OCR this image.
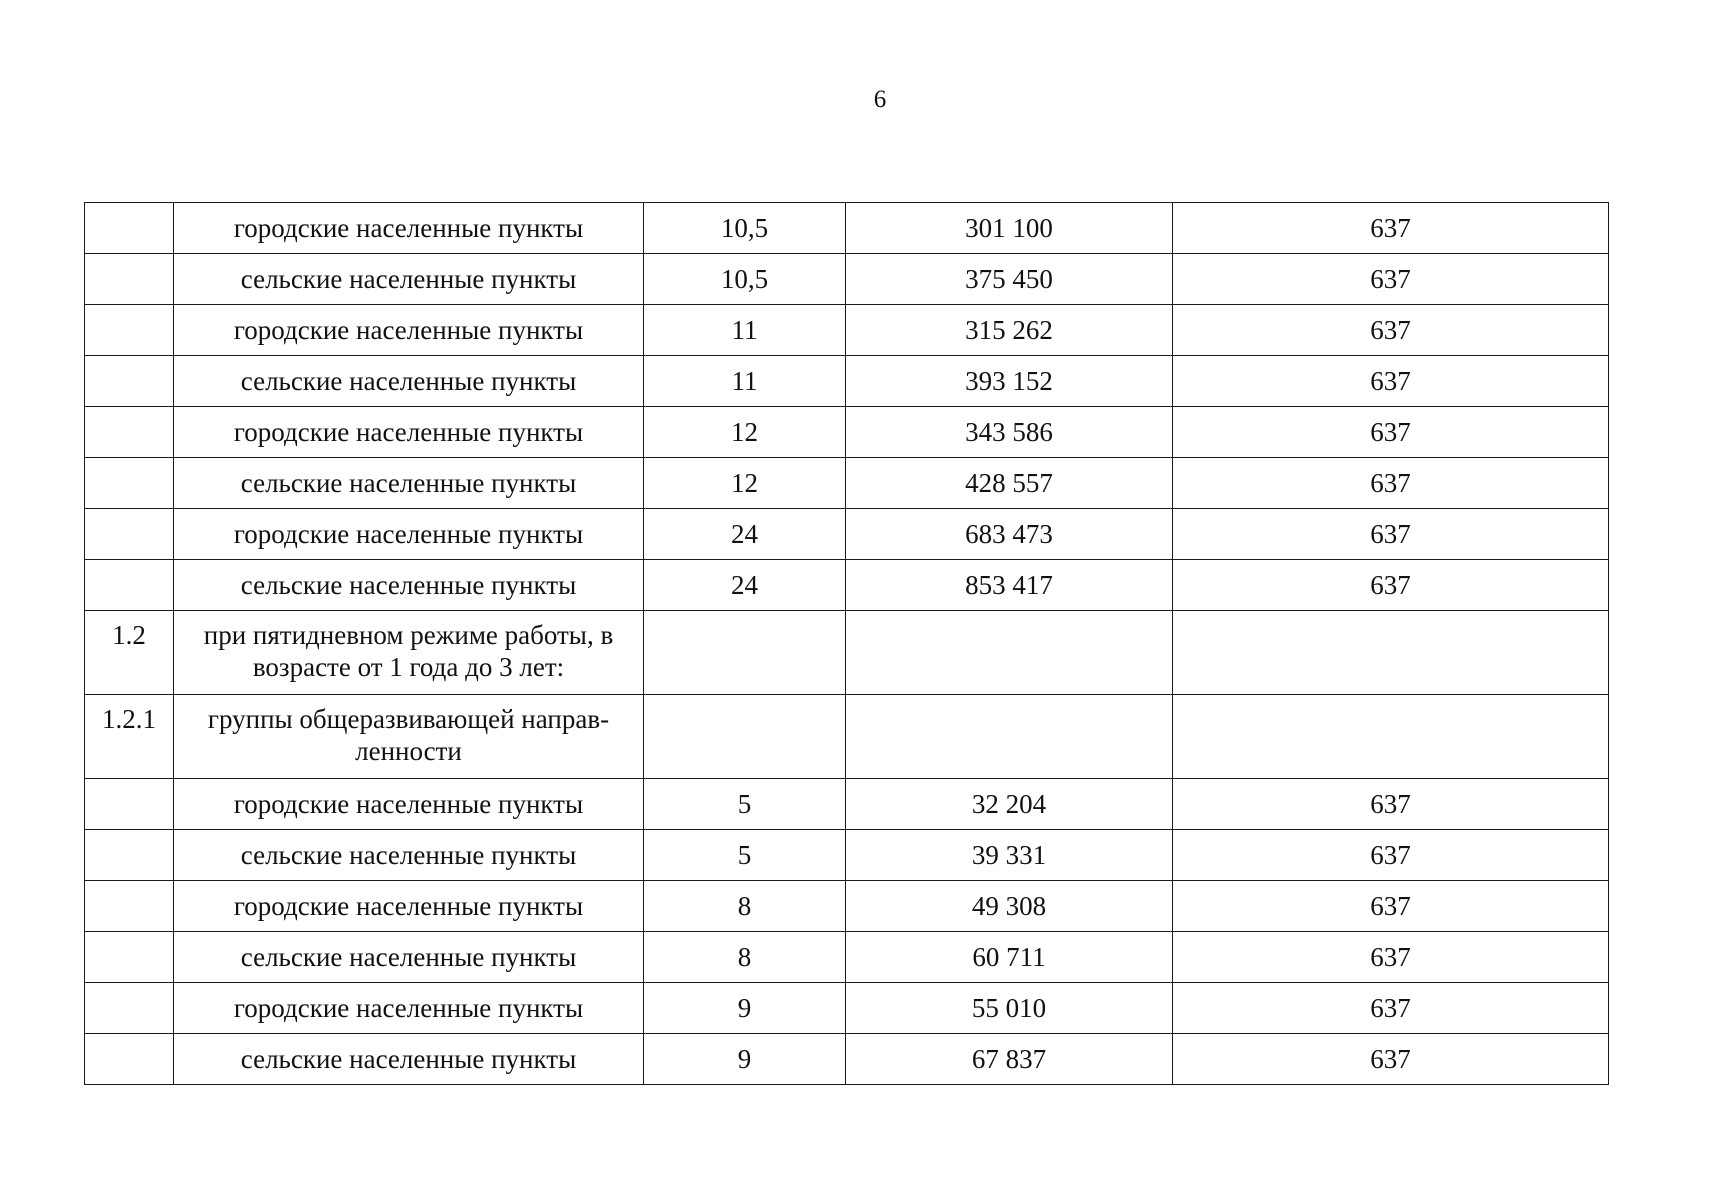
6
	городские населенные пункты	10,5	301 100	637
	сельские населенные пункты	10,5	375 450	637
	городские населенные пункты	11	315 262	637
	сельские населенные пункты	11	393 152	637
	городские населенные пункты	12	343 586	637
	сельские населенные пункты	12	428 557	637
	городские населенные пункты	24	683 473	637
	сельские населенные пункты	24	853 417	637
1.2	при пятидневном режиме работы, в возрасте от 1 года до 3 лет:			
1.2.1	группы общеразвивающей направ-ленности			
	городские населенные пункты	5	32 204	637
	сельские населенные пункты	5	39 331	637
	городские населенные пункты	8	49 308	637
	сельские населенные пункты	8	60 711	637
	городские населенные пункты	9	55 010	637
	сельские населенные пункты	9	67 837	637
